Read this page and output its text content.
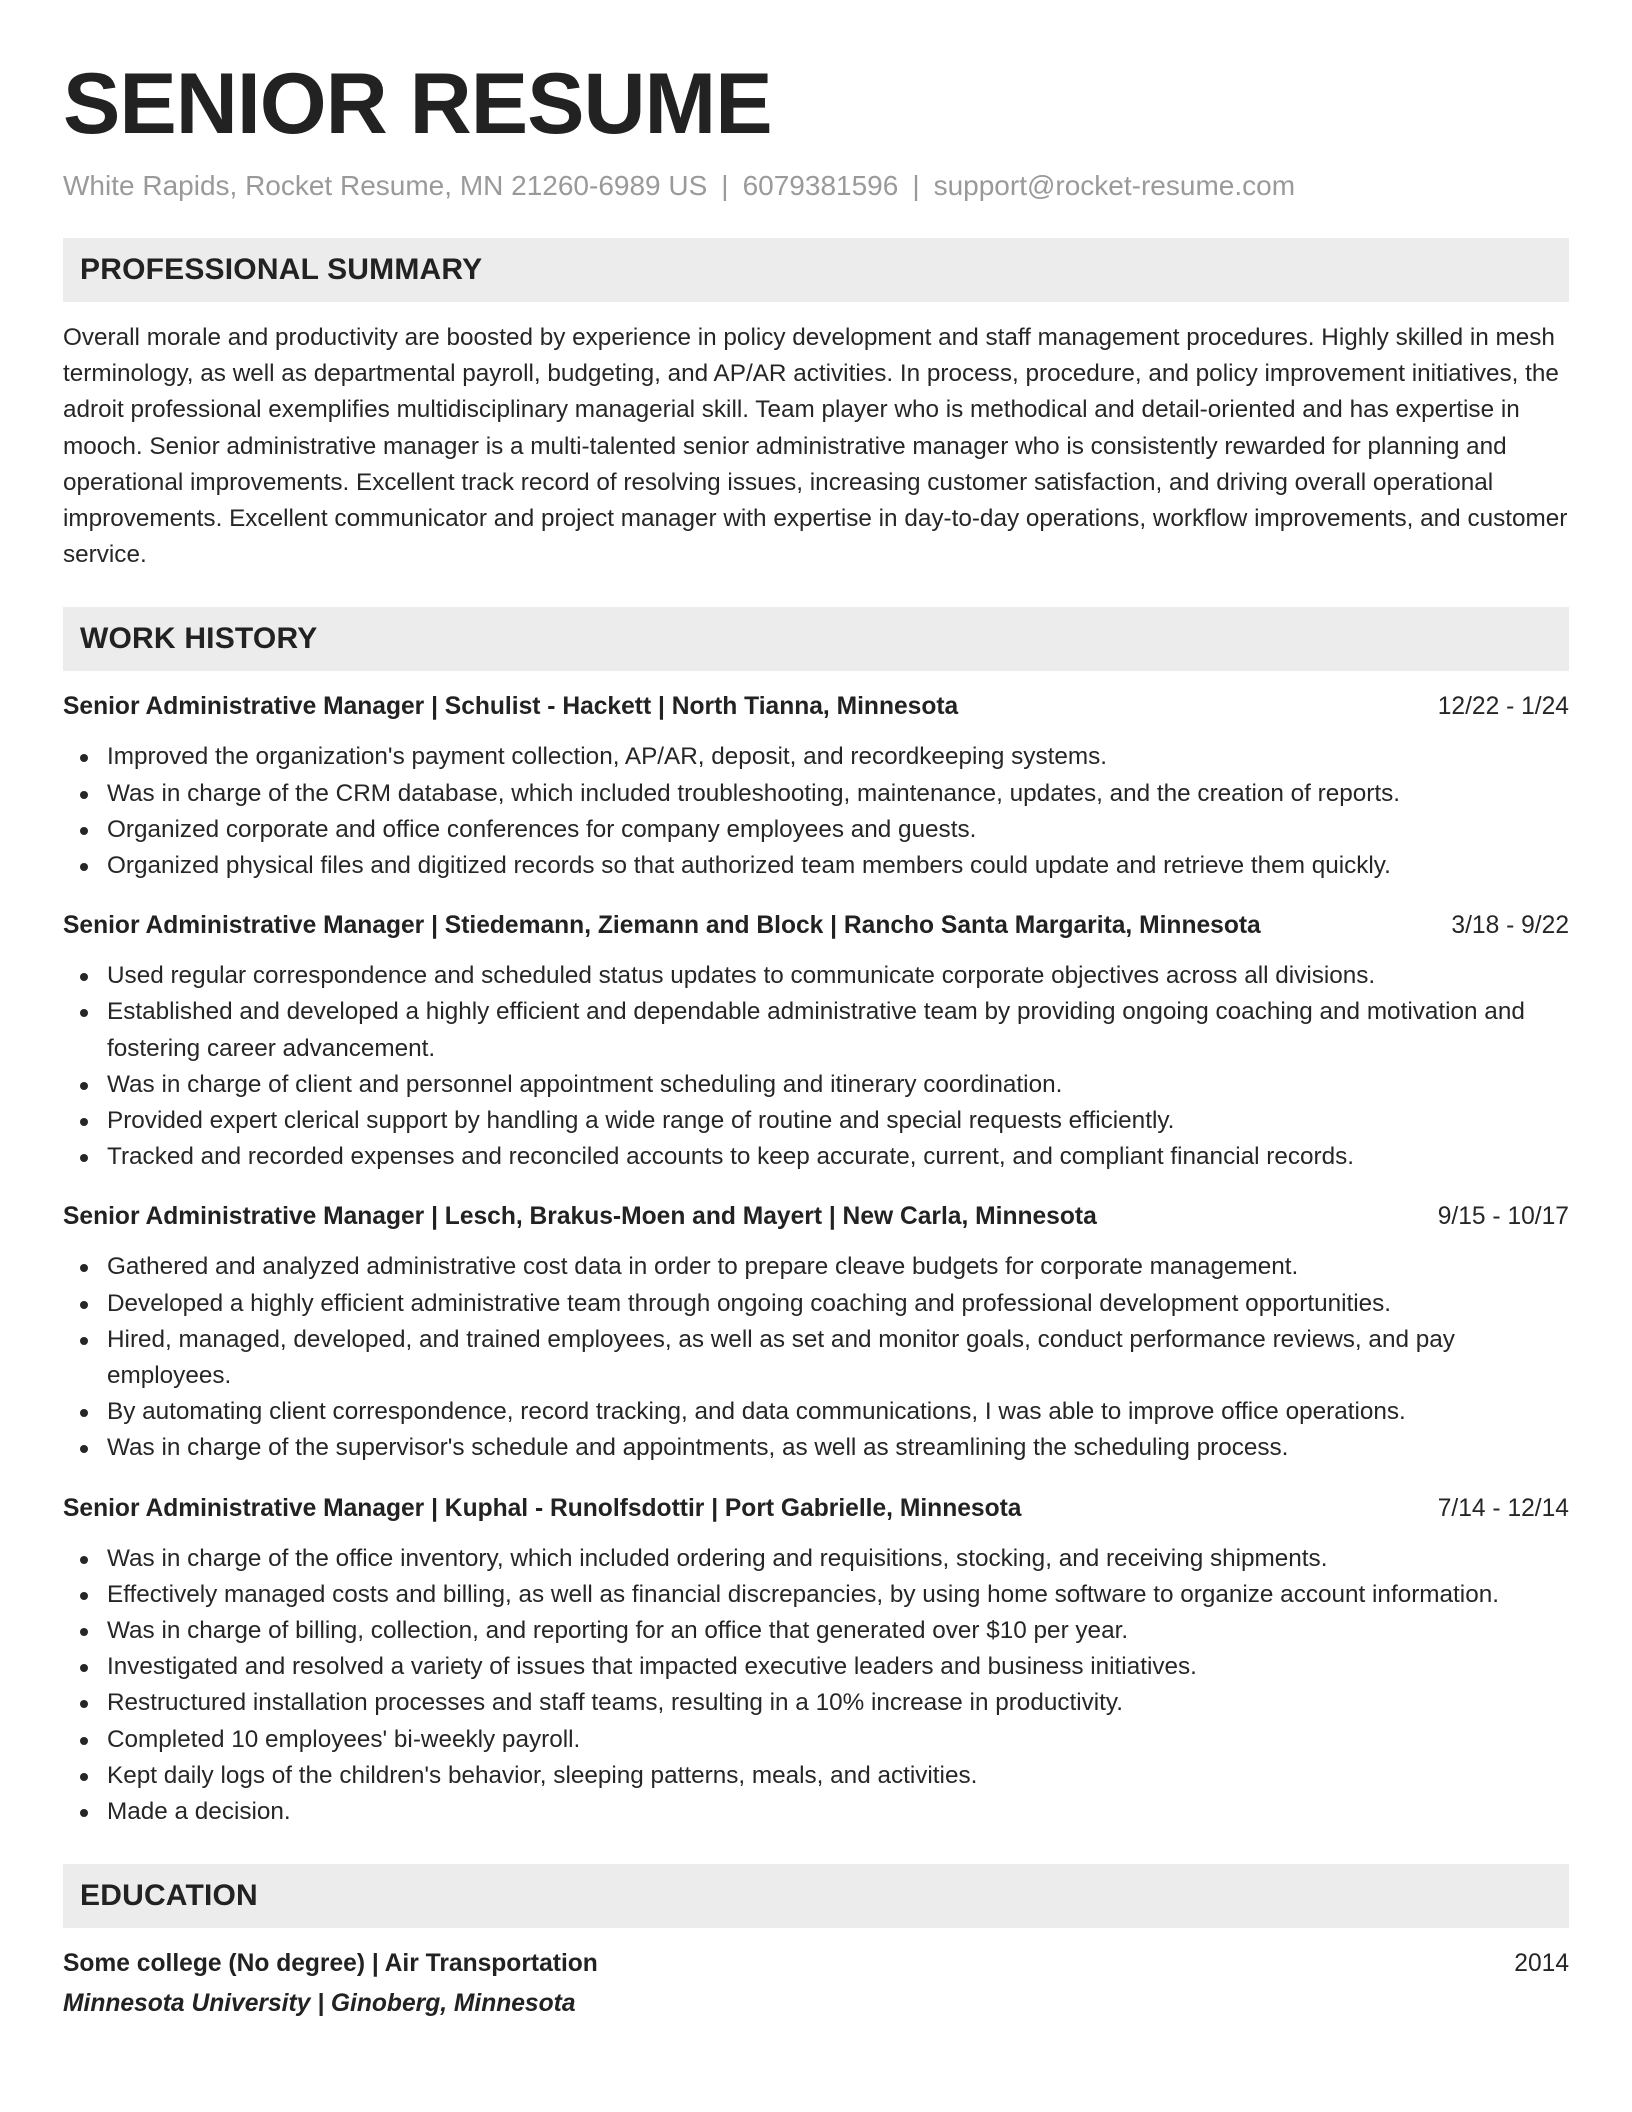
SENIOR RESUME
White Rapids, Rocket Resume, MN 21260-6989 US | 6079381596 | support@rocket-resume.com
PROFESSIONAL SUMMARY

Overall morale and productivity are boosted by experience in policy development and staff management procedures. Highly skilled in mesh terminology, as well as departmental payroll, budgeting, and AP/AR activities. In process, procedure, and policy improvement initiatives, the adroit professional exemplifies multidisciplinary managerial skill. Team player who is methodical and detail-oriented and has expertise in mooch. Senior administrative manager is a multi-talented senior administrative manager who is consistently rewarded for planning and operational improvements. Excellent track record of resolving issues, increasing customer satisfaction, and driving overall operational improvements. Excellent communicator and project manager with expertise in day-to-day operations, workflow improvements, and customer service.

WORK HISTORY
Senior Administrative Manager | Schulist - Hackett | North Tianna, Minnesota	12/22 - 1/24
Improved the organization's payment collection, AP/AR, deposit, and recordkeeping systems.
Was in charge of the CRM database, which included troubleshooting, maintenance, updates, and the creation of reports.
Organized corporate and office conferences for company employees and guests.
Organized physical files and digitized records so that authorized team members could update and retrieve them quickly.
Senior Administrative Manager | Stiedemann, Ziemann and Block | Rancho Santa Margarita, Minnesota	3/18 - 9/22
Used regular correspondence and scheduled status updates to communicate corporate objectives across all divisions.
Established and developed a highly efficient and dependable administrative team by providing ongoing coaching and motivation and fostering career advancement.
Was in charge of client and personnel appointment scheduling and itinerary coordination.
Provided expert clerical support by handling a wide range of routine and special requests efficiently.
Tracked and recorded expenses and reconciled accounts to keep accurate, current, and compliant financial records.
Senior Administrative Manager | Lesch, Brakus-Moen and Mayert | New Carla, Minnesota	9/15 - 10/17
Gathered and analyzed administrative cost data in order to prepare cleave budgets for corporate management.
Developed a highly efficient administrative team through ongoing coaching and professional development opportunities.
Hired, managed, developed, and trained employees, as well as set and monitor goals, conduct performance reviews, and pay employees.
By automating client correspondence, record tracking, and data communications, I was able to improve office operations.
Was in charge of the supervisor's schedule and appointments, as well as streamlining the scheduling process.
Senior Administrative Manager | Kuphal - Runolfsdottir | Port Gabrielle, Minnesota	7/14 - 12/14
Was in charge of the office inventory, which included ordering and requisitions, stocking, and receiving shipments.
Effectively managed costs and billing, as well as financial discrepancies, by using home software to organize account information.
Was in charge of billing, collection, and reporting for an office that generated over $10 per year.
Investigated and resolved a variety of issues that impacted executive leaders and business initiatives.
Restructured installation processes and staff teams, resulting in a 10% increase in productivity.
Completed 10 employees' bi-weekly payroll.
Kept daily logs of the children's behavior, sleeping patterns, meals, and activities.
Made a decision.
EDUCATION
Some college (No degree) | Air Transportation	2014
Minnesota University | Ginoberg, Minnesota
